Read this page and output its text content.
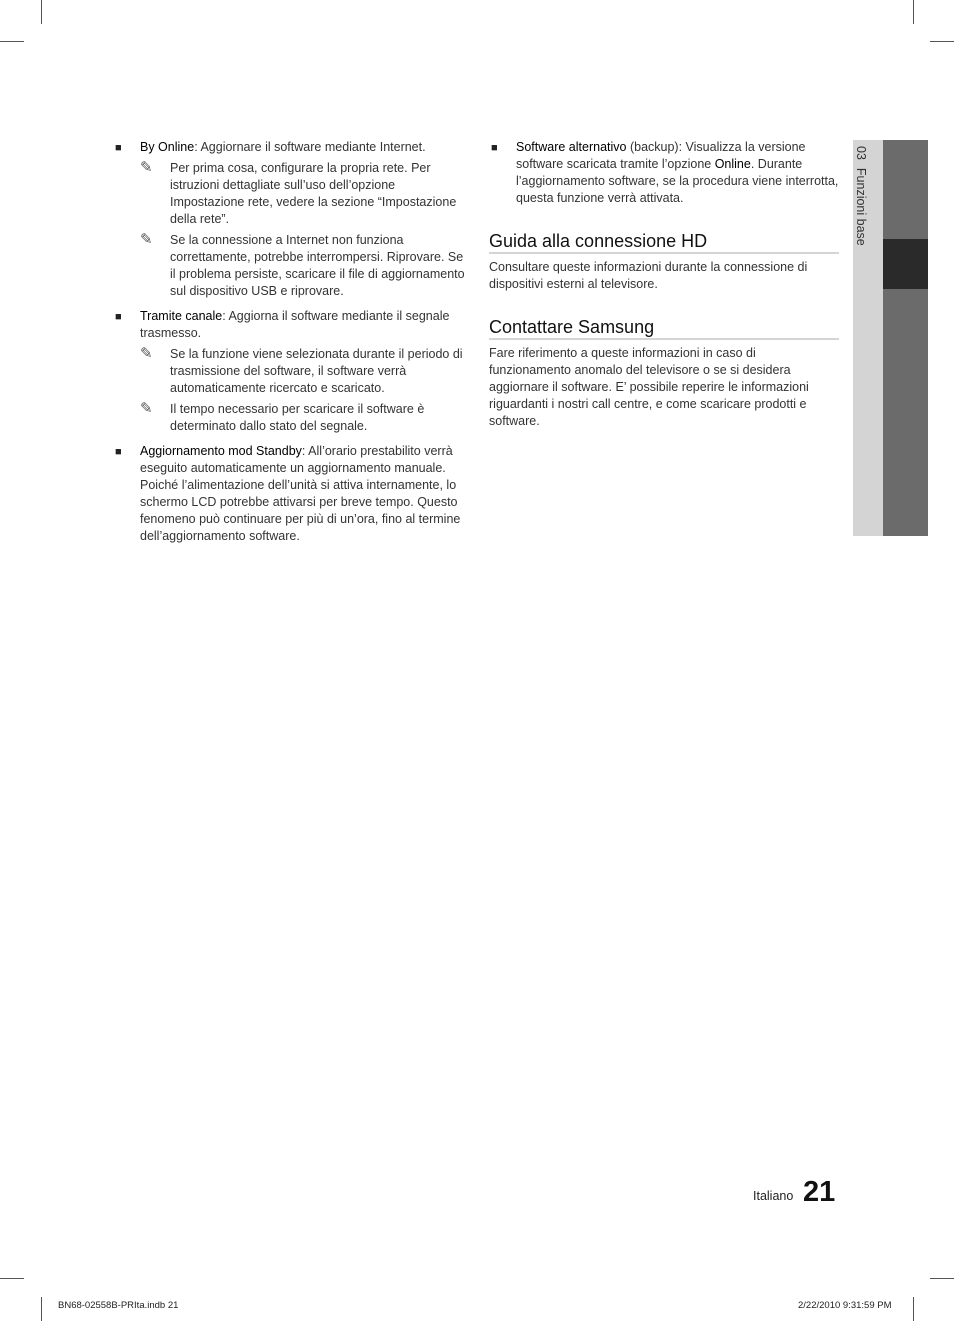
■ By Online: Aggiornare il software mediante Internet.
✎ Per prima cosa, configurare la propria rete. Per istruzioni dettagliate sull’uso dell’opzione Impostazione rete, vedere la sezione “Impostazione della rete”.
✎ Se la connessione a Internet non funziona correttamente, potrebbe interrompersi. Riprovare. Se il problema persiste, scaricare il file di aggiornamento sul dispositivo USB e riprovare.
■ Tramite canale: Aggiorna il software mediante il segnale trasmesso.
✎ Se la funzione viene selezionata durante il periodo di trasmissione del software, il software verrà automaticamente ricercato e scaricato.
✎ Il tempo necessario per scaricare il software è determinato dallo stato del segnale.
■ Aggiornamento mod Standby: All’orario prestabilito verrà eseguito automaticamente un aggiornamento manuale. Poiché l’alimentazione dell’unità si attiva internamente, lo schermo LCD potrebbe attivarsi per breve tempo. Questo fenomeno può continuare per più di un’ora, fino al termine dell’aggiornamento software.
■ Software alternativo (backup): Visualizza la versione software scaricata tramite l’opzione Online. Durante l’aggiornamento software, se la procedura viene interrotta, questa funzione verrà attivata.
Guida alla connessione HD

Consultare queste informazioni durante la connessione di dispositivi esterni al televisore.

Contattare Samsung

Fare riferimento a queste informazioni in caso di funzionamento anomalo del televisore o se si desidera aggiornare il software. E’ possibile reperire le informazioni riguardanti i nostri call centre, e come scaricare prodotti e software.

03Funzioni base
Italiano 21
BN68-02558B-PRIta.indb 21	2/22/2010 9:31:59 PM
